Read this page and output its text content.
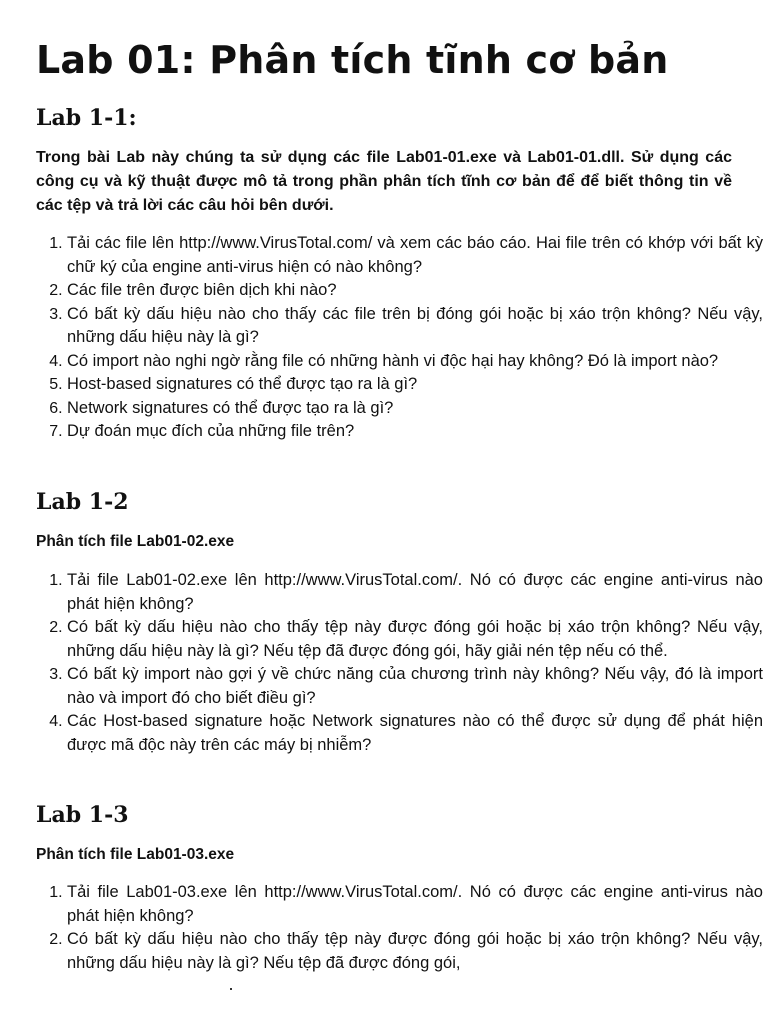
Lab 01: Phân tích tĩnh cơ bản
Lab 1-1:

Trong bài Lab này chúng ta sử dụng các file Lab01-01.exe và Lab01-01.dll. Sử dụng các công cụ và kỹ thuật được mô tả trong phần phân tích tĩnh cơ bản để để biết thông tin về các tệp và trả lời các câu hỏi bên dưới.

1. Tải các file lên http://www.VirusTotal.com/ và xem các báo cáo. Hai file trên có khớp với bất kỳ chữ ký của engine anti-virus hiện có nào không?
2. Các file trên được biên dịch khi nào?
3. Có bất kỳ dấu hiệu nào cho thấy các file trên bị đóng gói hoặc bị xáo trộn không? Nếu vậy, những dấu hiệu này là gì?
4. Có import nào nghi ngờ rằng file có những hành vi độc hại hay không? Đó là import nào?
5. Host-based signatures có thể được tạo ra là gì?
6. Network signatures có thể được tạo ra là gì?
7. Dự đoán mục đích của những file trên?
Lab 1-2
Phân tích file Lab01-02.exe
1. Tải file Lab01-02.exe lên http://www.VirusTotal.com/. Nó có được các engine anti-virus nào phát hiện không?
2. Có bất kỳ dấu hiệu nào cho thấy tệp này được đóng gói hoặc bị xáo trộn không? Nếu vậy, những dấu hiệu này là gì? Nếu tệp đã được đóng gói, hãy giải nén tệp nếu có thể.
3. Có bất kỳ import nào gợi ý về chức năng của chương trình này không? Nếu vậy, đó là import nào và import đó cho biết điều gì?
4. Các Host-based signature hoặc Network signatures nào có thể được sử dụng để phát hiện được mã độc này trên các máy bị nhiễm?
Lab 1-3
Phân tích file Lab01-03.exe
1. Tải file Lab01-03.exe lên http://www.VirusTotal.com/. Nó có được các engine anti-virus nào phát hiện không?
2. Có bất kỳ dấu hiệu nào cho thấy tệp này được đóng gói hoặc bị xáo trộn không? Nếu vậy, những dấu hiệu này là gì? Nếu tệp đã được đóng gói,
